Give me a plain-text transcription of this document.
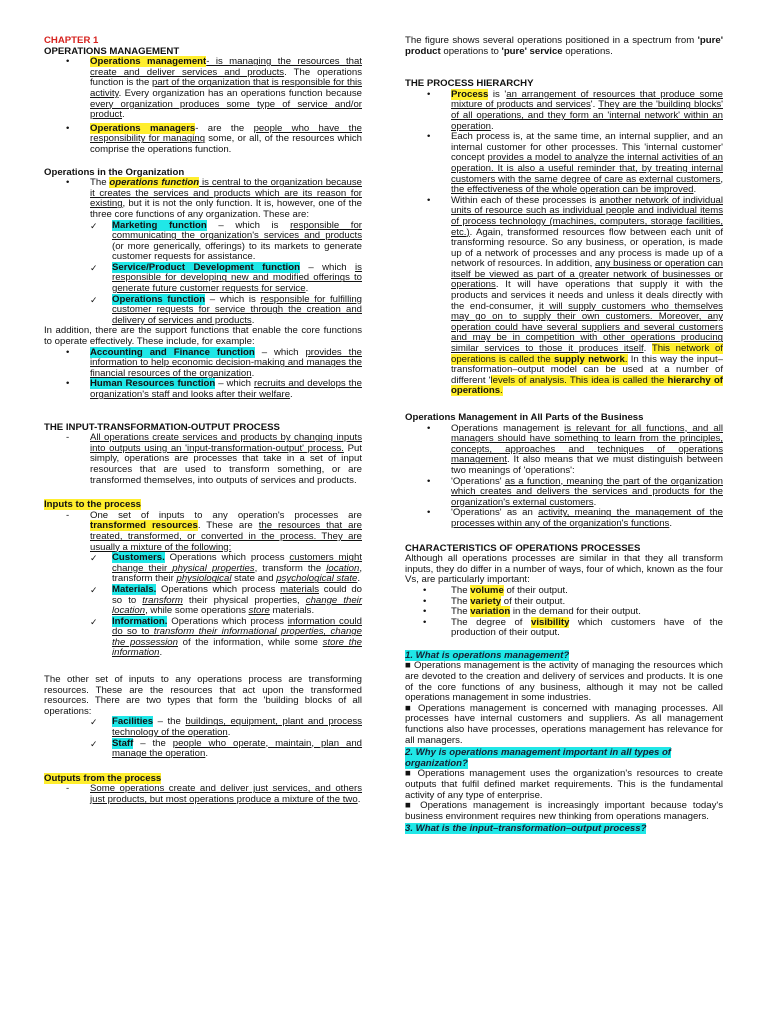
CHAPTER 1
OPERATIONS MANAGEMENT
• Operations management- is managing the resources that create and deliver services and products. The operations function is the part of the organization that is responsible for this activity. Every organization has an operations function because every organization produces some type of service and/or product.
• Operations managers- are the people who have the responsibility for managing some, or all, of the resources which comprise the operations function.
Operations in the Organization
• The operations function is central to the organization because it creates the services and products which are its reason for existing, but it is not the only function. It is, however, one of the three core functions of any organization. These are:
✓ Marketing function – which is responsible for communicating the organization's services and products (or more generically, offerings) to its markets to generate customer requests for assistance.
✓ Service/Product Development function – which is responsible for developing new and modified offerings to generate future customer requests for service.
✓ Operations function – which is responsible for fulfilling customer requests for service through the creation and delivery of services and products.

In addition, there are the support functions that enable the core functions to operate effectively. These include, for example:

• Accounting and Finance function – which provides the information to help economic decision-making and manages the financial resources of the organization.
• Human Resources function – which recruits and develops the organization's staff and looks after their welfare.
THE INPUT-TRANSFORMATION-OUTPUT PROCESS
- All operations create services and products by changing inputs into outputs using an 'input-transformation-output' process. Put simply, operations are processes that take in a set of input resources that are used to transform something, or are transformed themselves, into outputs of services and products.
Inputs to the process
- One set of inputs to any operation's processes are transformed resources. These are the resources that are treated, transformed, or converted in the process. They are usually a mixture of the following:
✓ Customers. Operations which process customers might change their physical properties, transform the location, transform their physiological state and psychological state.
✓ Materials. Operations which process materials could do so to transform their physical properties, change their location, while some operations store materials.
✓ Information. Operations which process information could do so to transform their informational properties, change the possession of the information, while some store the information.

The other set of inputs to any operations process are transforming resources. These are the resources that act upon the transformed resources. There are two types that form the 'building blocks of all operations:

✓ Facilities – the buildings, equipment, plant and process technology of the operation.
✓ Staff – the people who operate, maintain, plan and manage the operation.
Outputs from the process
- Some operations create and deliver just services, and others just products, but most operations produce a mixture of the two.

The figure shows several operations positioned in a spectrum from 'pure' product operations to 'pure' service operations.

THE PROCESS HIERARCHY
• Process is 'an arrangement of resources that produce some mixture of products and services'. They are the 'building blocks' of all operations, and they form an 'internal network' within an operation.
• Each process is, at the same time, an internal supplier, and an internal customer for other processes. This 'internal customer' concept provides a model to analyze the internal activities of an operation. It is also a useful reminder that, by treating internal customers with the same degree of care as external customers, the effectiveness of the whole operation can be improved.
• Within each of these processes is another network of individual units of resource such as individual people and individual items of process technology (machines, computers, storage facilities, etc.). Again, transformed resources flow between each unit of transforming resource. So any business, or operation, is made up of a network of processes and any process is made up of a network of resources. In addition, any business or operation can itself be viewed as part of a greater network of businesses or operations. It will have operations that supply it with the products and services it needs and unless it deals directly with the end-consumer, it will supply customers who themselves may go on to supply their own customers. Moreover, any operation could have several suppliers and several customers and may be in competition with other operations producing similar services to those it produces itself. This network of operations is called the supply network. In this way the input–transformation–output model can be used at a number of different 'levels of analysis. This idea is called the hierarchy of operations.
Operations Management in All Parts of the Business
• Operations management is relevant for all functions, and all managers should have something to learn from the principles, concepts, approaches and techniques of operations management. It also means that we must distinguish between two meanings of 'operations':
• 'Operations' as a function, meaning the part of the organization which creates and delivers the services and products for the organization's external customers.
• 'Operations' as an activity, meaning the management of the processes within any of the organization's functions.
CHARACTERISTICS OF OPERATIONS PROCESSES

Although all operations processes are similar in that they all transform inputs, they do differ in a number of ways, four of which, known as the four Vs, are particularly important:

• The volume of their output.
• The variety of their output.
• The variation in the demand for their output.
• The degree of visibility which customers have of the production of their output.
1. What is operations management?

■ Operations management is the activity of managing the resources which are devoted to the creation and delivery of services and products. It is one of the core functions of any business, although it may not be called operations management in some industries.

■ Operations management is concerned with managing processes. All processes have internal customers and suppliers. As all management functions also have processes, operations management has relevance for all managers.

2. Why is operations management important in all types of organization?

■ Operations management uses the organization's resources to create outputs that fulfil defined market requirements. This is the fundamental activity of any type of enterprise.

■ Operations management is increasingly important because today's business environment requires new thinking from operations managers.

3. What is the input–transformation–output process?
